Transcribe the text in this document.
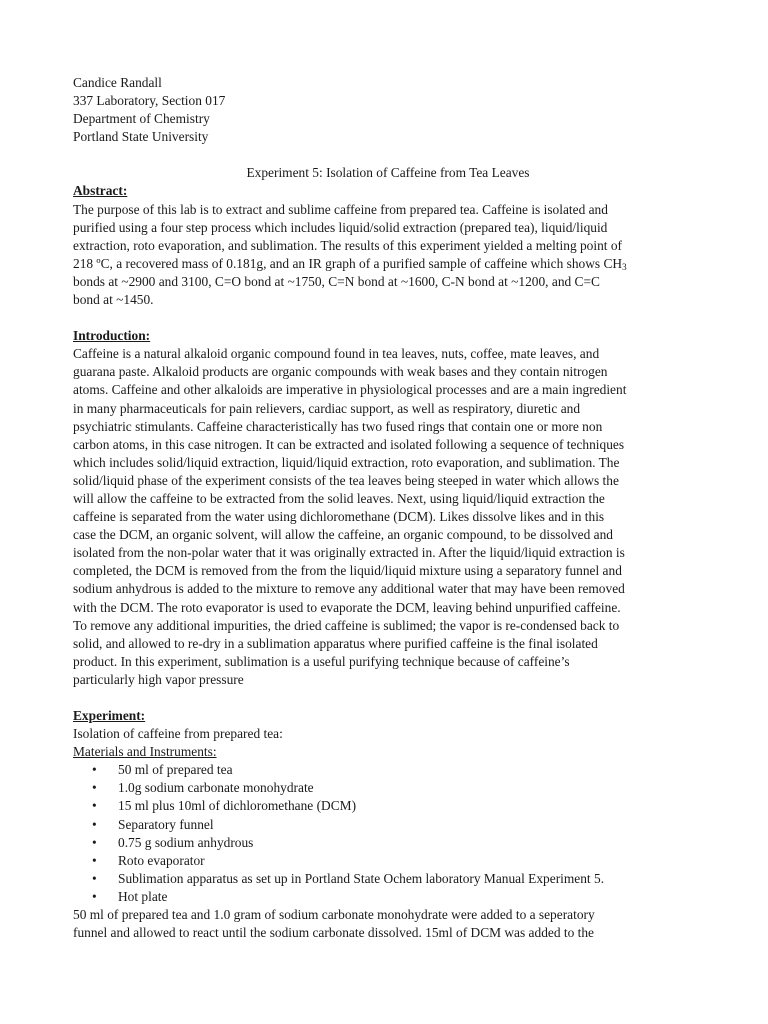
Candice Randall
337 Laboratory, Section 017
Department of Chemistry
Portland State University
Experiment 5: Isolation of Caffeine from Tea Leaves
Abstract:
The purpose of this lab is to extract and sublime caffeine from prepared tea. Caffeine is isolated and
purified using a four step process which includes liquid/solid extraction (prepared tea), liquid/liquid
extraction, roto evaporation, and sublimation. The results of this experiment yielded a melting point of
218 ºC, a recovered mass of 0.181g, and an IR graph of a purified sample of caffeine which shows $CH_3$
bonds at ~2900 and 3100, C=O bond at ~1750, C=N bond at ~1600, C-N bond at ~1200, and C=C
bond at ~1450.
Introduction:
Caffeine is a natural alkaloid organic compound found in tea leaves, nuts, coffee, mate leaves, and
guarana paste. Alkaloid products are organic compounds with weak bases and they contain nitrogen
atoms. Caffeine and other alkaloids are imperative in physiological processes and are a main ingredient
in many pharmaceuticals for pain relievers, cardiac support, as well as respiratory, diuretic and
psychiatric stimulants. Caffeine characteristically has two fused rings that contain one or more non
carbon atoms, in this case nitrogen. It can be extracted and isolated following a sequence of techniques
which includes solid/liquid extraction, liquid/liquid extraction, roto evaporation, and sublimation. The
solid/liquid phase of the experiment consists of the tea leaves being steeped in water which allows the
will allow the caffeine to be extracted from the solid leaves. Next, using liquid/liquid extraction the
caffeine is separated from the water using dichloromethane (DCM). Likes dissolve likes and in this
case the DCM, an organic solvent, will allow the caffeine, an organic compound, to be dissolved and
isolated from the non-polar water that it was originally extracted in. After the liquid/liquid extraction is
completed, the DCM is removed from the from the liquid/liquid mixture using a separatory funnel and
sodium anhydrous is added to the mixture to remove any additional water that may have been removed
with the DCM. The roto evaporator is used to evaporate the DCM, leaving behind unpurified caffeine.
To remove any additional impurities, the dried caffeine is sublimed; the vapor is re-condensed back to
solid, and allowed to re-dry in a sublimation apparatus where purified caffeine is the final isolated
product. In this experiment, sublimation is a useful purifying technique because of caffeine’s
particularly high vapor pressure
Experiment:
Isolation of caffeine from prepared tea:
Materials and Instruments:
• 50 ml of prepared tea
• 1.0g sodium carbonate monohydrate
• 15 ml plus 10ml of dichloromethane (DCM)
• Separatory funnel
• 0.75 g sodium anhydrous
• Roto evaporator
• Sublimation apparatus as set up in Portland State Ochem laboratory Manual Experiment 5.
• Hot plate
50 ml of prepared tea and 1.0 gram of sodium carbonate monohydrate were added to a seperatory
funnel and allowed to react until the sodium carbonate dissolved. 15ml of DCM was added to the
